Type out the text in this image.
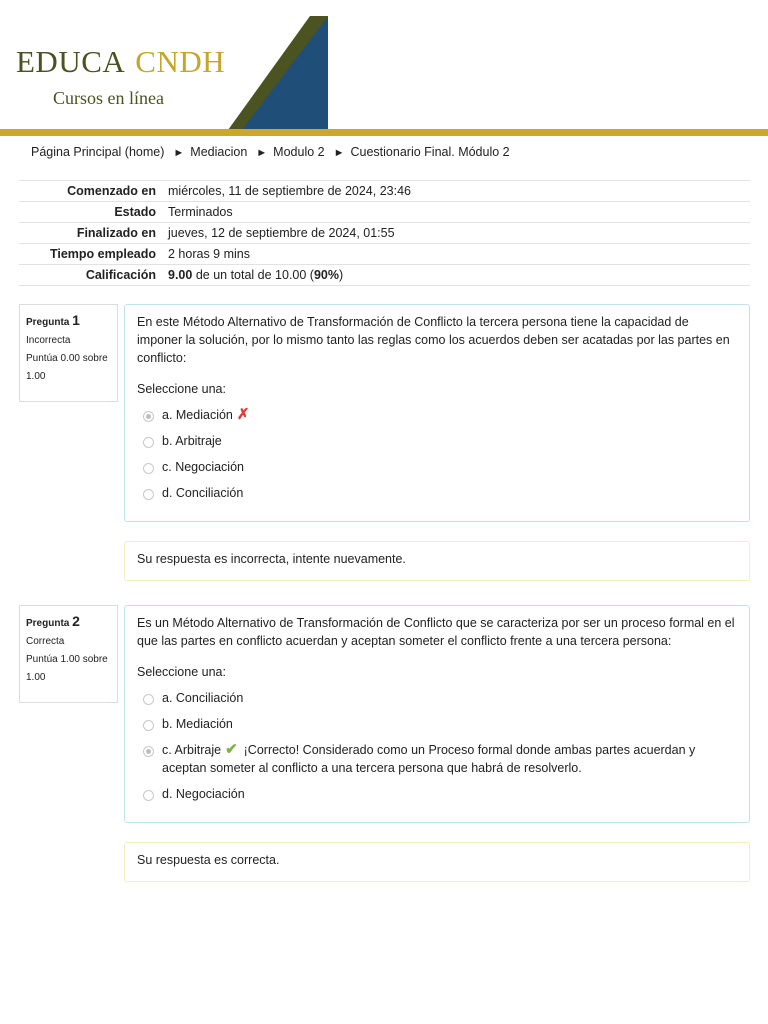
EDUCA CNDH
Cursos en línea
Página Principal (home) ► Mediacion ► Modulo 2 ► Cuestionario Final. Módulo 2
Comenzado en	miércoles, 11 de septiembre de 2024, 23:46
Estado	Terminados
Finalizado en	jueves, 12 de septiembre de 2024, 01:55
Tiempo empleado	2 horas 9 mins
Calificación	9.00 de un total de 10.00 (90%)
Pregunta 1
Incorrecta
Puntúa 0.00 sobre 1.00

En este Método Alternativo de Transformación de Conflicto la tercera persona tiene la capacidad de imponer la solución, por lo mismo tanto las reglas como los acuerdos deben ser acatadas por las partes en conflicto:

Seleccione una:
a. Mediación ✗
b. Arbitraje
c. Negociación
d. Conciliación
Su respuesta es incorrecta, intente nuevamente.
Pregunta 2
Correcta
Puntúa 1.00 sobre 1.00

Es un Método Alternativo de Transformación de Conflicto que se caracteriza por ser un proceso formal en el que las partes en conflicto acuerdan y aceptan someter el conflicto frente a una tercera persona:

Seleccione una:
a. Conciliación
b. Mediación
c. Arbitraje ✔ ¡Correcto! Considerado como un Proceso formal donde ambas partes acuerdan y aceptan someter al conflicto a una tercera persona que habrá de resolverlo.
d. Negociación
Su respuesta es correcta.
